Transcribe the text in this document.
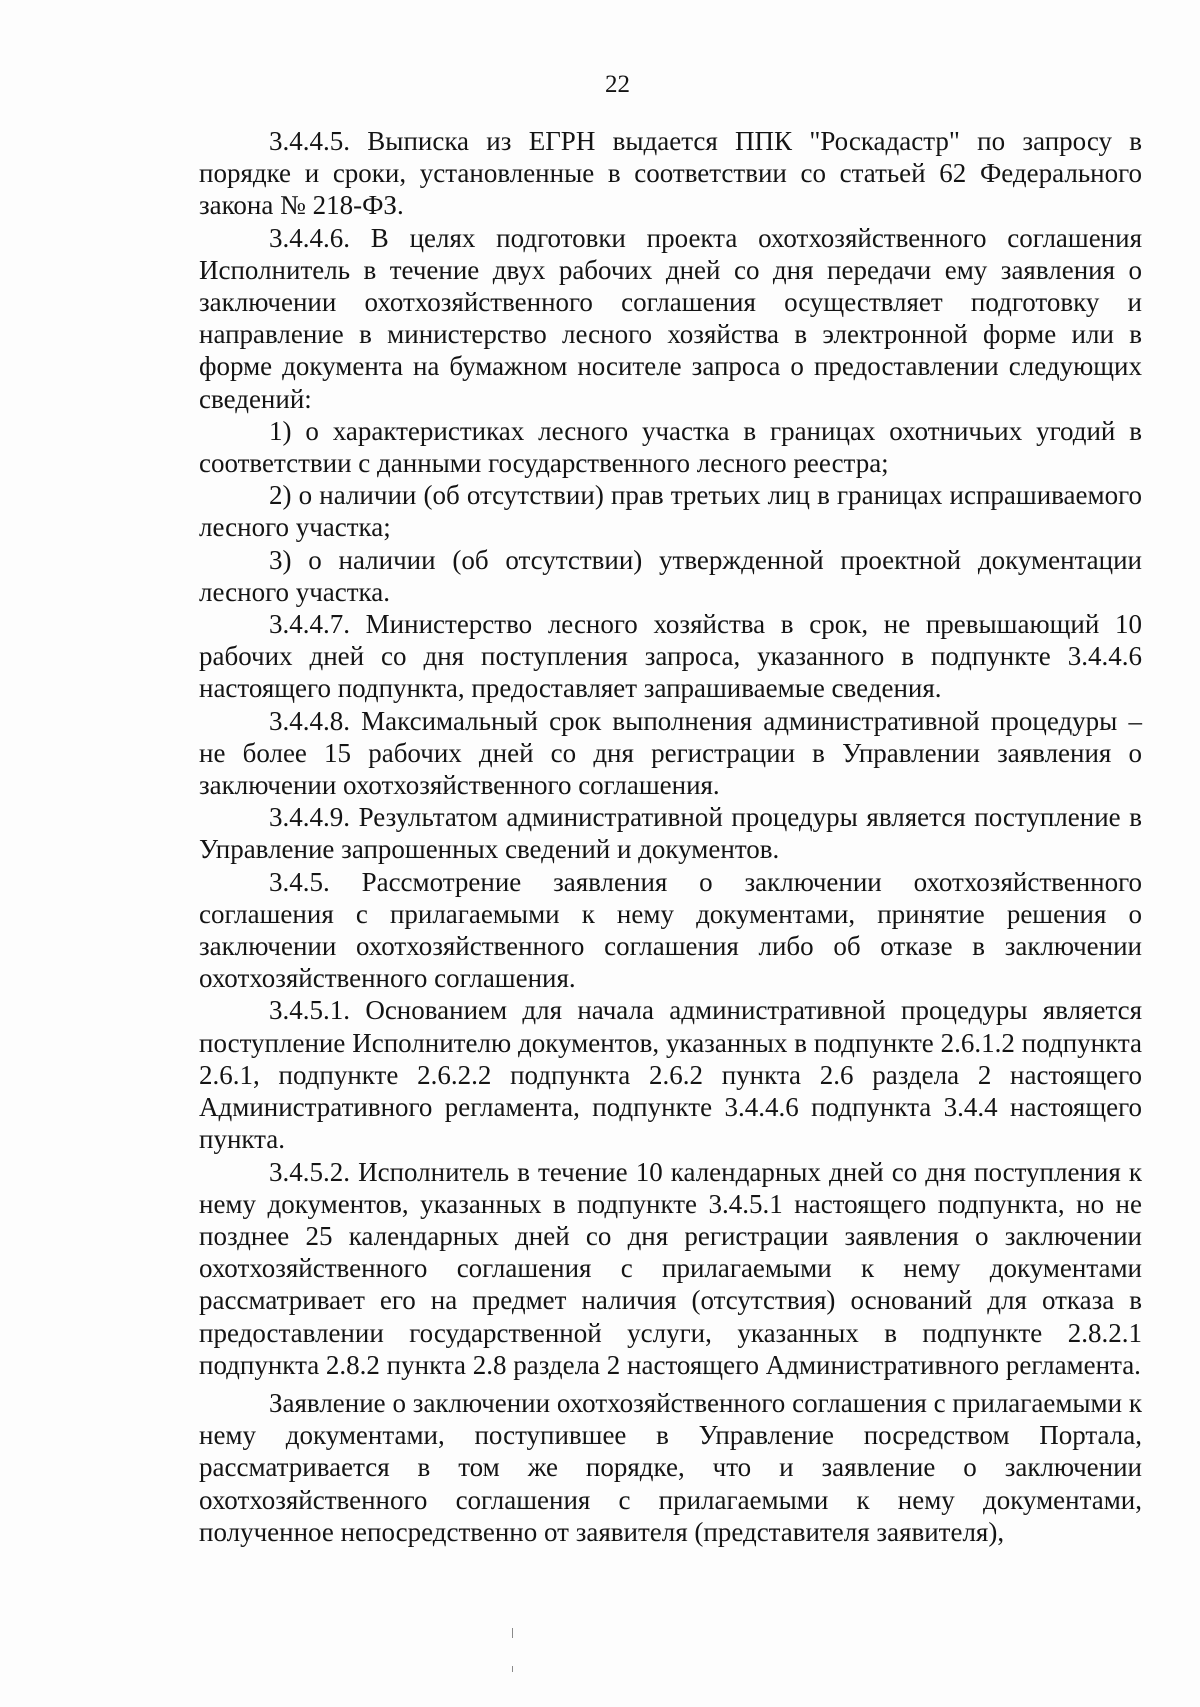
22

3.4.4.5. Выписка из ЕГРН выдается ППК "Роскадастр" по запросу в порядке и сроки, установленные в соответствии со статьей 62 Федерального закона № 218-ФЗ.

3.4.4.6. В целях подготовки проекта охотхозяйственного соглашения Исполнитель в течение двух рабочих дней со дня передачи ему заявления о заключении охотхозяйственного соглашения осуществляет подготовку и направление в министерство лесного хозяйства в электронной форме или в форме документа на бумажном носителе запроса о предоставлении следующих сведений:

1) о характеристиках лесного участка в границах охотничьих угодий в соответствии с данными государственного лесного реестра;

2) о наличии (об отсутствии) прав третьих лиц в границах испрашиваемого лесного участка;

3) о наличии (об отсутствии) утвержденной проектной документации лесного участка.

3.4.4.7. Министерство лесного хозяйства в срок, не превышающий 10 рабочих дней со дня поступления запроса, указанного в подпункте 3.4.4.6 настоящего подпункта, предоставляет запрашиваемые сведения.

3.4.4.8. Максимальный срок выполнения административной процедуры – не более 15 рабочих дней со дня регистрации в Управлении заявления о заключении охотхозяйственного соглашения.

3.4.4.9. Результатом административной процедуры является поступление в Управление запрошенных сведений и документов.

3.4.5. Рассмотрение заявления о заключении охотхозяйственного соглашения с прилагаемыми к нему документами, принятие решения о заключении охотхозяйственного соглашения либо об отказе в заключении охотхозяйственного соглашения.

3.4.5.1. Основанием для начала административной процедуры является поступление Исполнителю документов, указанных в подпункте 2.6.1.2 подпункта 2.6.1, подпункте 2.6.2.2 подпункта 2.6.2 пункта 2.6 раздела 2 настоящего Административного регламента, подпункте 3.4.4.6 подпункта 3.4.4 настоящего пункта.

3.4.5.2. Исполнитель в течение 10 календарных дней со дня поступления к нему документов, указанных в подпункте 3.4.5.1 настоящего подпункта, но не позднее 25 календарных дней со дня регистрации заявления о заключении охотхозяйственного соглашения с прилагаемыми к нему документами рассматривает его на предмет наличия (отсутствия) оснований для отказа в предоставлении государственной услуги, указанных в подпункте 2.8.2.1 подпункта 2.8.2 пункта 2.8 раздела 2 настоящего Административного регламента.

Заявление о заключении охотхозяйственного соглашения с прилагаемыми к нему документами, поступившее в Управление посредством Портала, рассматривается в том же порядке, что и заявление о заключении охотхозяйственного соглашения с прилагаемыми к нему документами, полученное непосредственно от заявителя (представителя заявителя),
